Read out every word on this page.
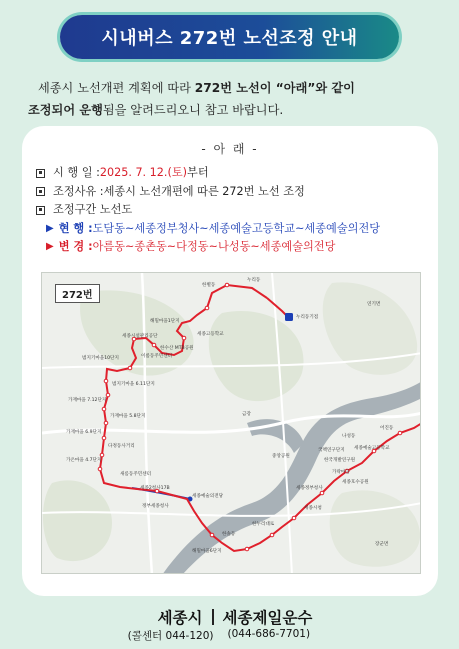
시내버스 272번 노선조정 안내

세종시 노선개편 계획에 따라 272번 노선이 “아래”와 같이

조정되어 운행됨을 알려드리오니 참고 바랍니다.

- 아 래 -
시 행 일 : 2025. 7. 12.(토) 부터
조정사유 : 세종시 노선개편에 따른 272번 노선 조정
조정구간 노선도
▶ 현 행 : 도담동~세종정부청사~세종예술고등학교~세종예술의전당
▶ 변 경 : 아름동~종촌동~다정동~나성동~세종예술의전당
272번
누리동
한별동
누리동기점
해밀마을1단지
세종고등학교
세종시설관리공단
한수산 MTB공원
이룸동주민센터
범지기마을10단지
범지기마을 6.11단지
가재마을 7.12단지
가재마을 5.8단지
가재마을 6.9단지
다정동사거리
가온마을 4.7단지
새롬동주민센터
세종2청사17B
세종예술의전당
정부세종청사
국책연구단지
한국개발연구원
세종정부청사
나성동
어진동
세종시청
한누리대로
해밀마을6단지
가락마을
한솔동
세종예술고등학교
세종호수공원
중앙공원
연기면
금강
장군면
세종시 세종제일운수
(콜센터 044-120)	(044-686-7701)
